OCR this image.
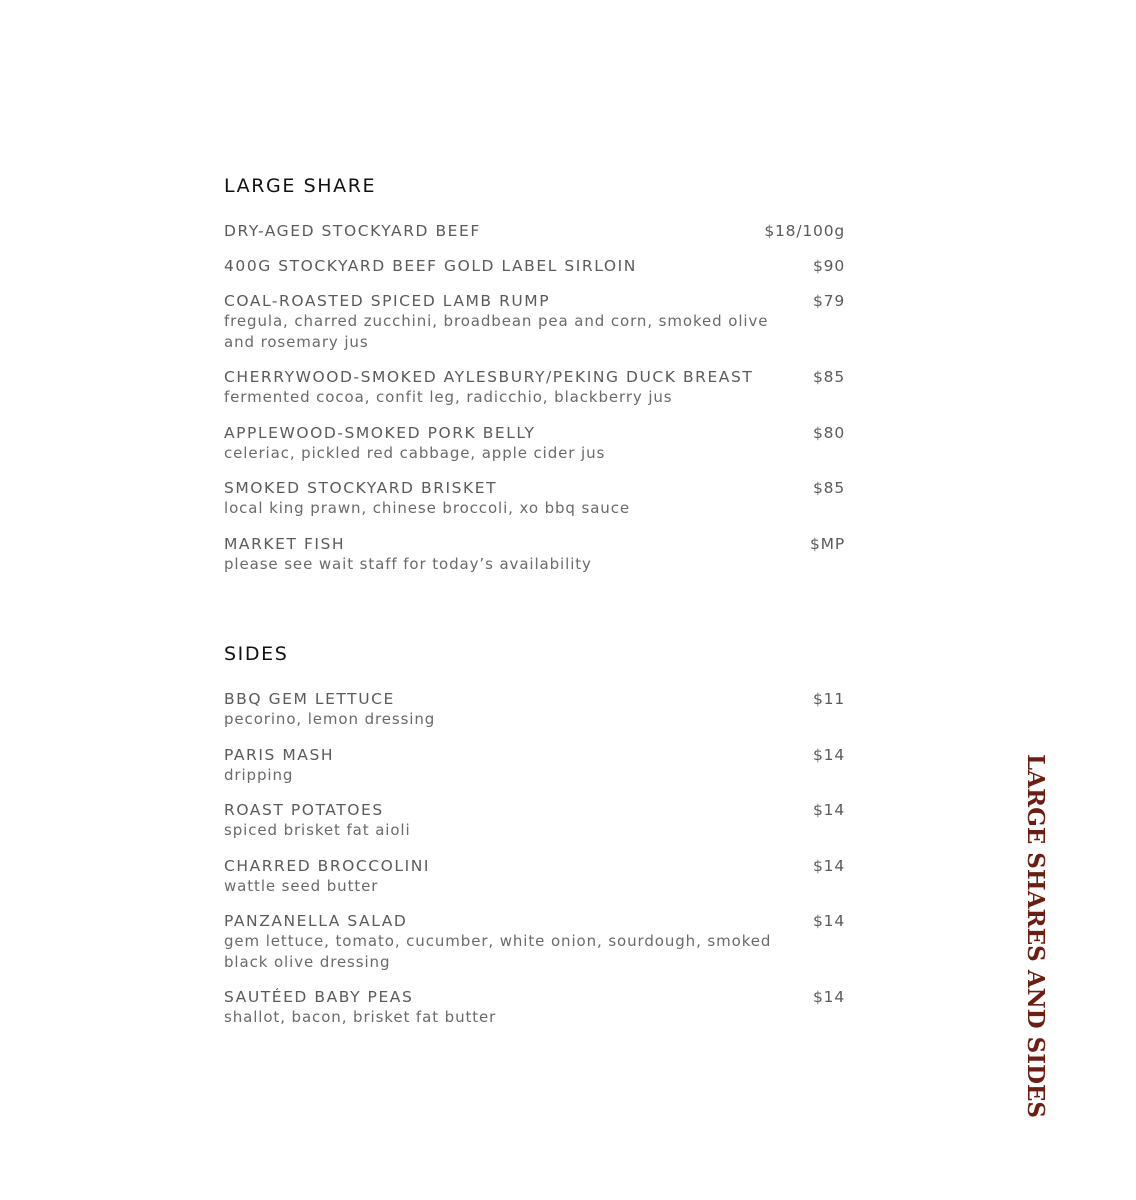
LARGE SHARE
DRY-AGED STOCKYARD BEEF	$18/100g
400G STOCKYARD BEEF GOLD LABEL SIRLOIN	$90
COAL-ROASTED SPICED LAMB RUMP
fregula, charred zucchini, broadbean pea and corn, smoked olive and rosemary jus
$79
CHERRYWOOD-SMOKED AYLESBURY/PEKING DUCK BREAST
fermented cocoa, confit leg, radicchio, blackberry jus
$85
APPLEWOOD-SMOKED PORK BELLY
celeriac, pickled red cabbage, apple cider jus
$80
SMOKED STOCKYARD BRISKET
local king prawn, chinese broccoli, xo bbq sauce
$85
MARKET FISH
please see wait staff for today’s availability
$MP
SIDES
BBQ GEM LETTUCE
pecorino, lemon dressing
$11
PARIS MASH
dripping
$14
ROAST POTATOES
spiced brisket fat aioli
$14
CHARRED BROCCOLINI
wattle seed butter
$14
PANZANELLA SALAD
gem lettuce, tomato, cucumber, white onion, sourdough, smoked black olive dressing
$14
SAUTÉED BABY PEAS
shallot, bacon, brisket fat butter
$14	LARGE SHARES AND SIDES
